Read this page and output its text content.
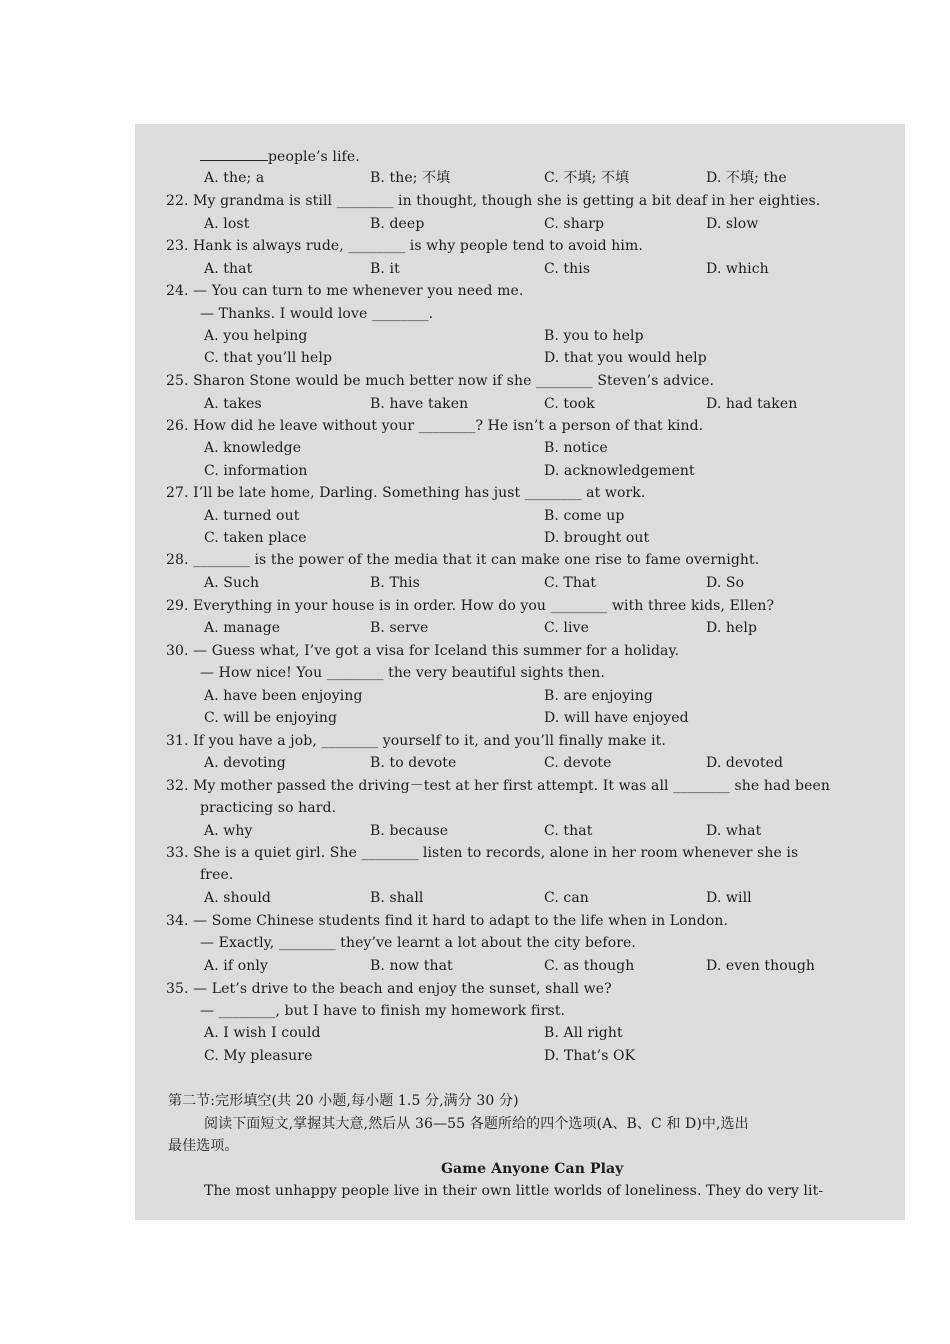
people’s life.
A. the; a	B. the; 不填	C. 不填; 不填	D. 不填; the
22. My grandma is still ________ in thought, though she is getting a bit deaf in her eighties.
A. lost	B. deep	C. sharp	D. slow
23. Hank is always rude, ________ is why people tend to avoid him.
A. that	B. it	C. this	D. which
24. — You can turn to me whenever you need me.
— Thanks. I would love ________.
A. you helping	B. you to help
C. that you’ll help	D. that you would help
25. Sharon Stone would be much better now if she ________ Steven’s advice.
A. takes	B. have taken	C. took	D. had taken
26. How did he leave without your ________? He isn’t a person of that kind.
A. knowledge	B. notice
C. information	D. acknowledgement
27. I’ll be late home, Darling. Something has just ________ at work.
A. turned out	B. come up
C. taken place	D. brought out
28. ________ is the power of the media that it can make one rise to fame overnight.
A. Such	B. This	C. That	D. So
29. Everything in your house is in order. How do you ________ with three kids, Ellen?
A. manage	B. serve	C. live	D. help
30. — Guess what, I’ve got a visa for Iceland this summer for a holiday.
— How nice! You ________ the very beautiful sights then.
A. have been enjoying	B. are enjoying
C. will be enjoying	D. will have enjoyed
31. If you have a job, ________ yourself to it, and you’ll finally make it.
A. devoting	B. to devote	C. devote	D. devoted
32. My mother passed the driving－test at her first attempt. It was all ________ she had been
practicing so hard.
A. why	B. because	C. that	D. what
33. She is a quiet girl. She ________ listen to records, alone in her room whenever she is
free.
A. should	B. shall	C. can	D. will
34. — Some Chinese students find it hard to adapt to the life when in London.
— Exactly, ________ they’ve learnt a lot about the city before.
A. if only	B. now that	C. as though	D. even though
35. — Let’s drive to the beach and enjoy the sunset, shall we?
— ________, but I have to finish my homework first.
A. I wish I could	B. All right
C. My pleasure	D. That’s OK
第二节:完形填空(共 20 小题,每小题 1.5 分,满分 30 分)
阅读下面短文,掌握其大意,然后从 36—55 各题所给的四个选项(A、B、C 和 D)中,选出
最佳选项。
Game Anyone Can Play
The most unhappy people live in their own little worlds of loneliness. They do very lit-
